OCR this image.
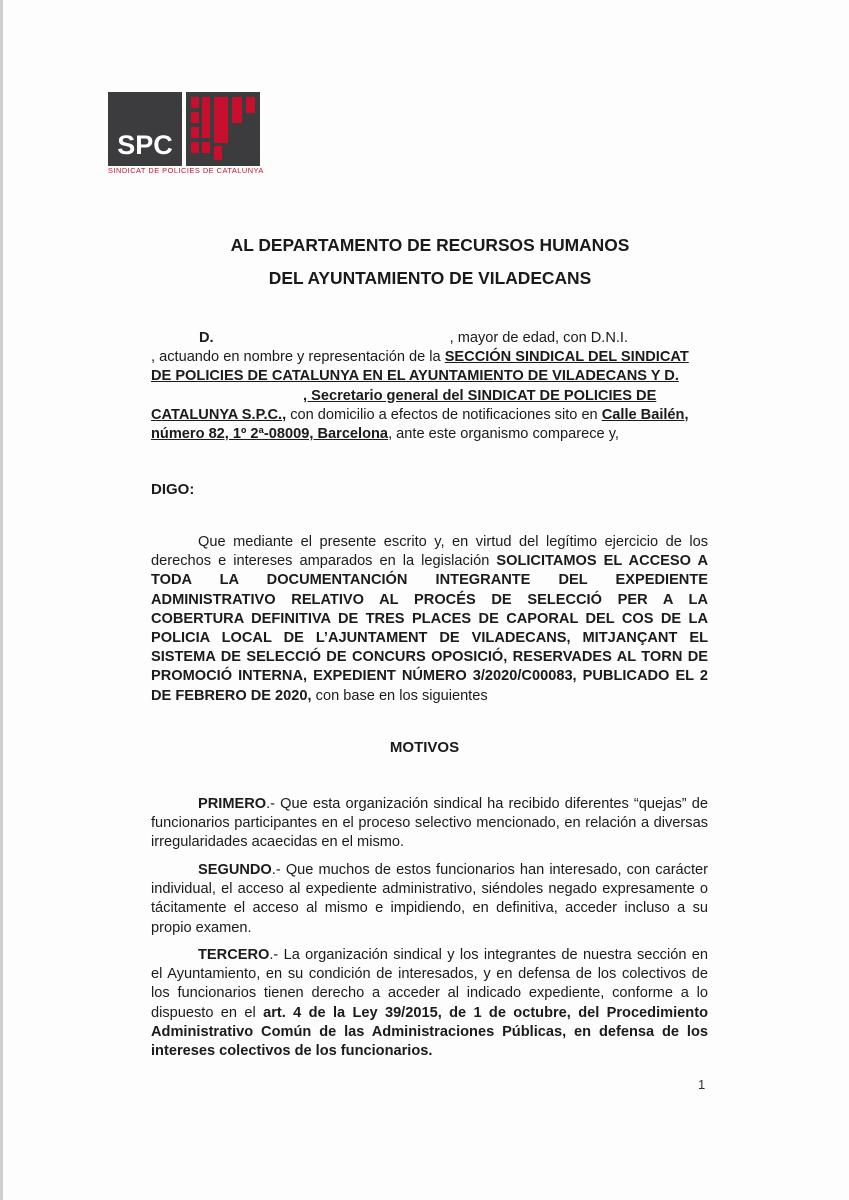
SPC
SINDICAT DE POLICIES DE CATALUNYA
AL DEPARTAMENTO DE RECURSOS HUMANOS
DEL AYUNTAMIENTO DE VILADECANS
D.	, mayor de edad, con D.N.I.
, actuando en nombre y representación de la SECCIÓN SINDICAL DEL SINDICAT
DE POLICIES DE CATALUNYA EN EL AYUNTAMIENTO DE VILADECANS Y D.
, Secretario general del SINDICAT DE POLICIES DE
CATALUNYA S.P.C., con domicilio a efectos de notificaciones sito en Calle Bailén,
número 82, 1º 2ª-08009, Barcelona, ante este organismo comparece y,
DIGO:
Que mediante el presente escrito y, en virtud del legítimo ejercicio de los derechos e intereses amparados en la legislación SOLICITAMOS EL ACCESO A TODA LA DOCUMENTANCIÓN INTEGRANTE DEL EXPEDIENTE ADMINISTRATIVO RELATIVO AL PROCÉS DE SELECCIÓ PER A LA COBERTURA DEFINITIVA DE TRES PLACES DE CAPORAL DEL COS DE LA POLICIA LOCAL DE L’AJUNTAMENT DE VILADECANS, MITJANÇANT EL SISTEMA DE SELECCIÓ DE CONCURS OPOSICIÓ, RESERVADES AL TORN DE PROMOCIÓ INTERNA, EXPEDIENT NÚMERO 3/2020/C00083, PUBLICADO EL 2 DE FEBRERO DE 2020, con base en los siguientes
MOTIVOS
PRIMERO.- Que esta organización sindical ha recibido diferentes “quejas” de funcionarios participantes en el proceso selectivo mencionado, en relación a diversas irregularidades acaecidas en el mismo.
SEGUNDO.- Que muchos de estos funcionarios han interesado, con carácter individual, el acceso al expediente administrativo, siéndoles negado expresamente o tácitamente el acceso al mismo e impidiendo, en definitiva, acceder incluso a su propio examen.
TERCERO.- La organización sindical y los integrantes de nuestra sección en el Ayuntamiento, en su condición de interesados, y en defensa de los colectivos de los funcionarios tienen derecho a acceder al indicado expediente, conforme a lo dispuesto en el art. 4 de la Ley 39/2015, de 1 de octubre, del Procedimiento Administrativo Común de las Administraciones Públicas, en defensa de los intereses colectivos de los funcionarios.
1
